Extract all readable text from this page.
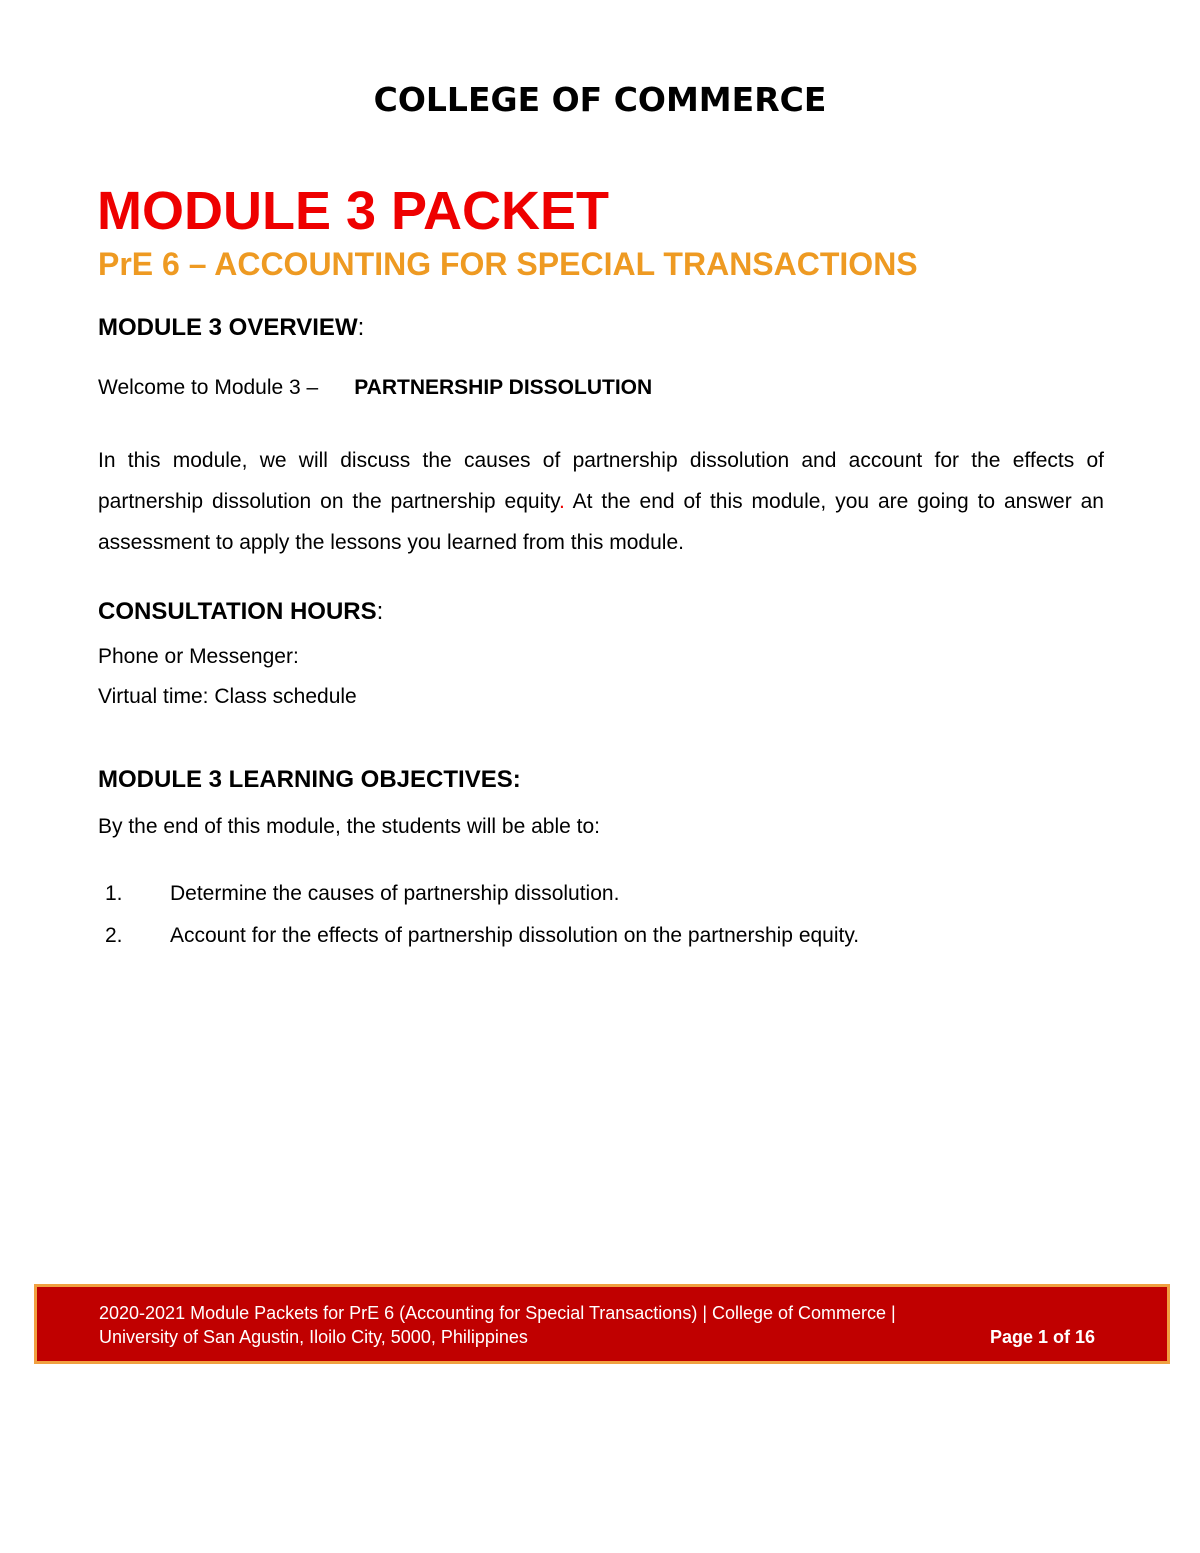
COLLEGE OF COMMERCE
MODULE 3 PACKET
PrE 6 – ACCOUNTING FOR SPECIAL TRANSACTIONS
MODULE 3 OVERVIEW:
Welcome to Module 3 – PARTNERSHIP DISSOLUTION
In this module, we will discuss the causes of partnership dissolution and account for the effects of partnership dissolution on the partnership equity. At the end of this module, you are going to answer an assessment to apply the lessons you learned from this module.
CONSULTATION HOURS:
Phone or Messenger:
Virtual time: Class schedule
MODULE 3 LEARNING OBJECTIVES:
By the end of this module, the students will be able to:
1. Determine the causes of partnership dissolution.
2. Account for the effects of partnership dissolution on the partnership equity.
2020-2021 Module Packets for PrE 6 (Accounting for Special Transactions) | College of Commerce |
University of San Agustin, Iloilo City, 5000, Philippines	Page 1 of 16
